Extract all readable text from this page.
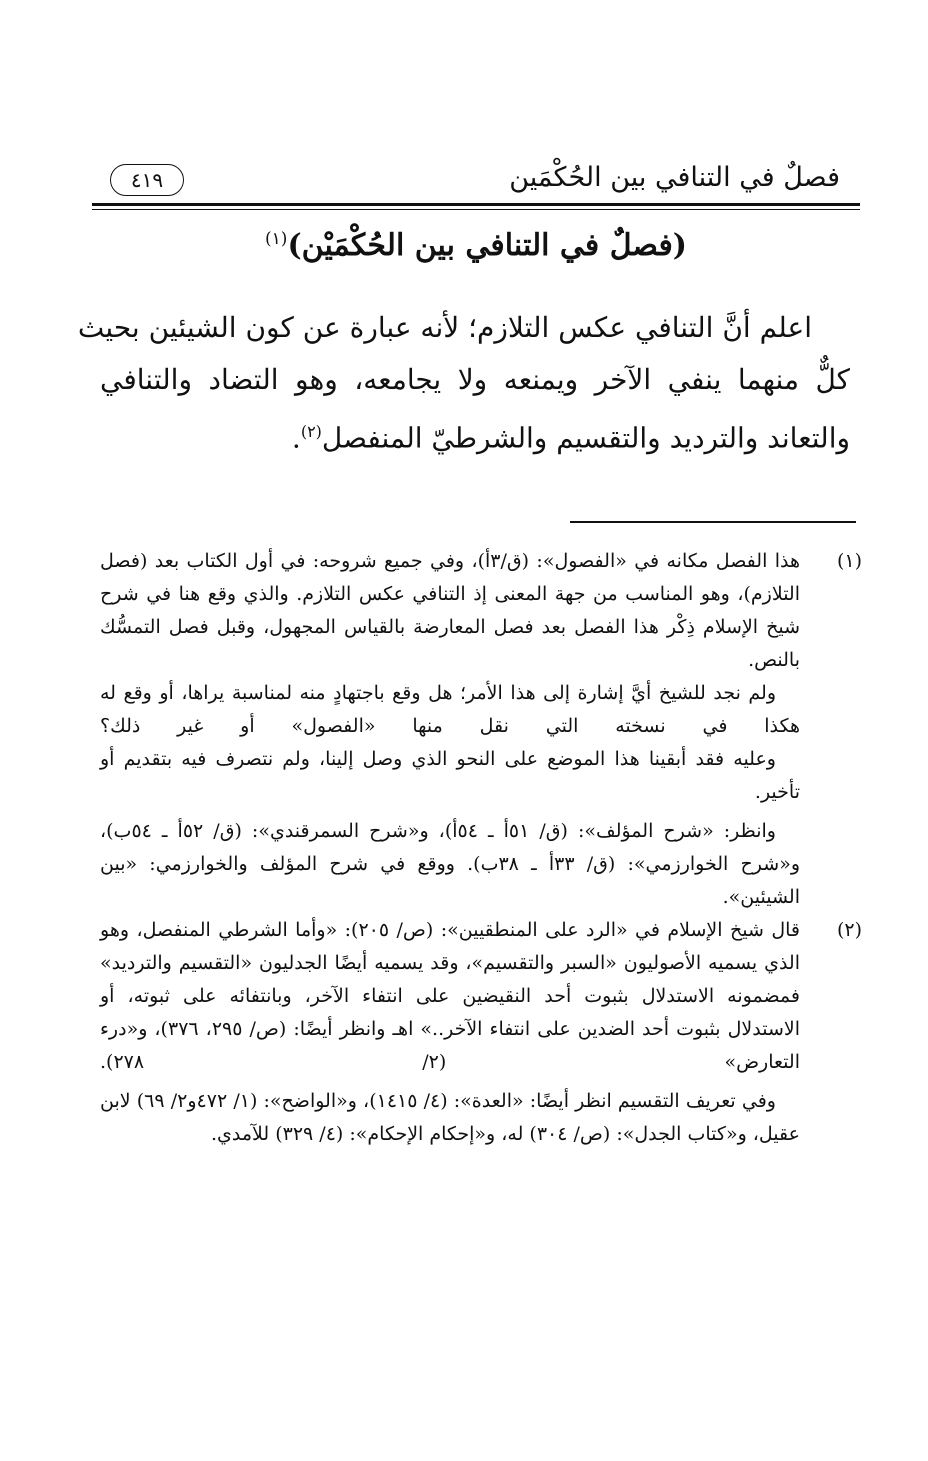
فصلٌ في التنافي بين الحُكْمَين
٤١٩
(فصلٌ في التنافي بين الحُكْمَيْن)$^{(١)}$
اعلم أنَّ التنافي عكس التلازم؛ لأنه عبارة عن كون الشيئين بحيث
كلٌّ منهما ينفي الآخر ويمنعه ولا يجامعه، وهو التضاد والتنافي
والتعاند والترديد والتقسيم والشرطيّ المنفصل$^{(٢)}$.
(١)
هذا الفصل مكانه في «الفصول»: (ق/٣أ)، وفي جميع شروحه: في أول الكتاب بعد (فصل التلازم)، وهو المناسب من جهة المعنى إذ التنافي عكس التلازم. والذي وقع هنا في شرح شيخ الإسلام ذِكْر هذا الفصل بعد فصل المعارضة بالقياس المجهول، وقبل فصل التمسُّك بالنص.
ولم نجد للشيخ أيَّ إشارة إلى هذا الأمر؛ هل وقع باجتهادٍ منه لمناسبة يراها، أو وقع له هكذا في نسخته التي نقل منها «الفصول» أو غير ذلك؟
وعليه فقد أبقينا هذا الموضع على النحو الذي وصل إلينا، ولم نتصرف فيه بتقديم أو تأخير.
وانظر: «شرح المؤلف»: (ق/ ٥١أ ـ ٥٤أ)، و«شرح السمرقندي»: (ق/ ٥٢أ ـ ٥٤ب)، و«شرح الخوارزمي»: (ق/ ٣٣أ ـ ٣٨ب). ووقع في شرح المؤلف والخوارزمي: «بين الشيئين».
(٢)
قال شيخ الإسلام في «الرد على المنطقيين»: (ص/ ٢٠٥): «وأما الشرطي المنفصل، وهو الذي يسميه الأصوليون «السبر والتقسيم»، وقد يسميه أيضًا الجدليون «التقسيم والترديد» فمضمونه الاستدلال بثبوت أحد النقيضين على انتفاء الآخر، وبانتفائه على ثبوته، أو الاستدلال بثبوت أحد الضدين على انتفاء الآخر..» اهـ وانظر أيضًا: (ص/ ٢٩٥، ٣٧٦)، و«درء التعارض» (٢/ ٢٧٨).
وفي تعريف التقسيم انظر أيضًا: «العدة»: (٤/ ١٤١٥)، و«الواضح»: (١/ ٤٧٢و٢/ ٦٩) لابن عقيل، و«كتاب الجدل»: (ص/ ٣٠٤) له، و«إحكام الإحكام»: (٤/ ٣٢٩) للآمدي.
